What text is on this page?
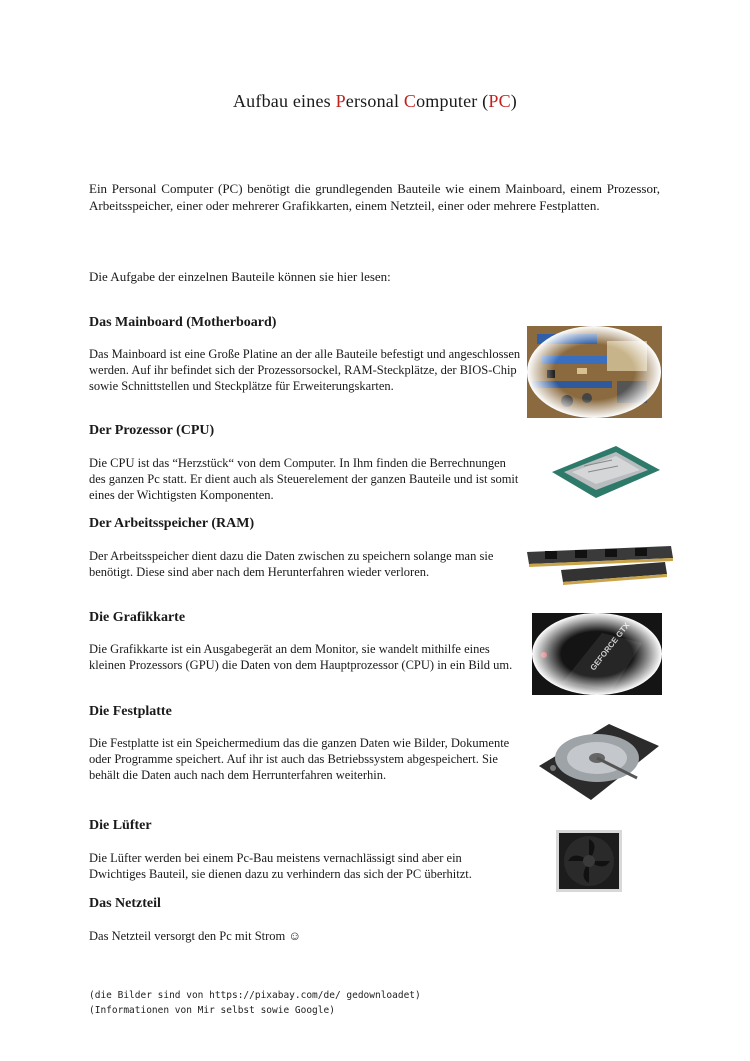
Aufbau eines Personal Computer (PC)
Ein Personal Computer (PC) benötigt die grundlegenden Bauteile wie einem Mainboard, einem Prozessor, Arbeitsspeicher, einer oder mehrerer Grafikkarten, einem Netzteil, einer oder mehrere Festplatten.
Die Aufgabe der einzelnen Bauteile können sie hier lesen:
Das Mainboard (Motherboard)
Das Mainboard ist eine Große Platine an der alle Bauteile befestigt und angeschlossen werden. Auf ihr befindet sich der Prozessorsockel, RAM-Steckplätze, der BIOS-Chip sowie Schnittstellen und Steckplätze für Erweiterungskarten.
Der Prozessor (CPU)
Die CPU ist das “Herzstück“ von dem Computer. In Ihm finden die Berrechnungen des ganzen Pc statt. Er dient auch als Steuerelement der ganzen Bauteile und ist somit eines der Wichtigsten Komponenten.
Der Arbeitsspeicher (RAM)
Der Arbeitsspeicher dient dazu die Daten zwischen zu speichern solange man sie benötigt. Diese sind aber nach dem Herunterfahren wieder verloren.
Die Grafikkarte
Die Grafikkarte ist ein Ausgabegerät an dem Monitor, sie wandelt mithilfe eines kleinen Prozessors (GPU) die Daten von dem Hauptprozessor (CPU) in ein Bild um.
Die Festplatte
Die Festplatte ist ein Speichermedium das die ganzen Daten wie Bilder, Dokumente oder Programme speichert. Auf ihr ist auch das Betriebssystem abgespeichert. Sie behält die Daten auch nach dem Herrunterfahren weiterhin.
Die Lüfter
Die Lüfter werden bei einem Pc-Bau meistens vernachlässigt sind aber ein Dwichtiges Bauteil, sie dienen dazu zu verhindern das sich der PC überhitzt.
Das Netzteil
Das Netzteil versorgt den Pc mit Strom ☺
(die Bilder sind von https://pixabay.com/de/ gedownloadet)
(Informationen von Mir selbst sowie Google)
